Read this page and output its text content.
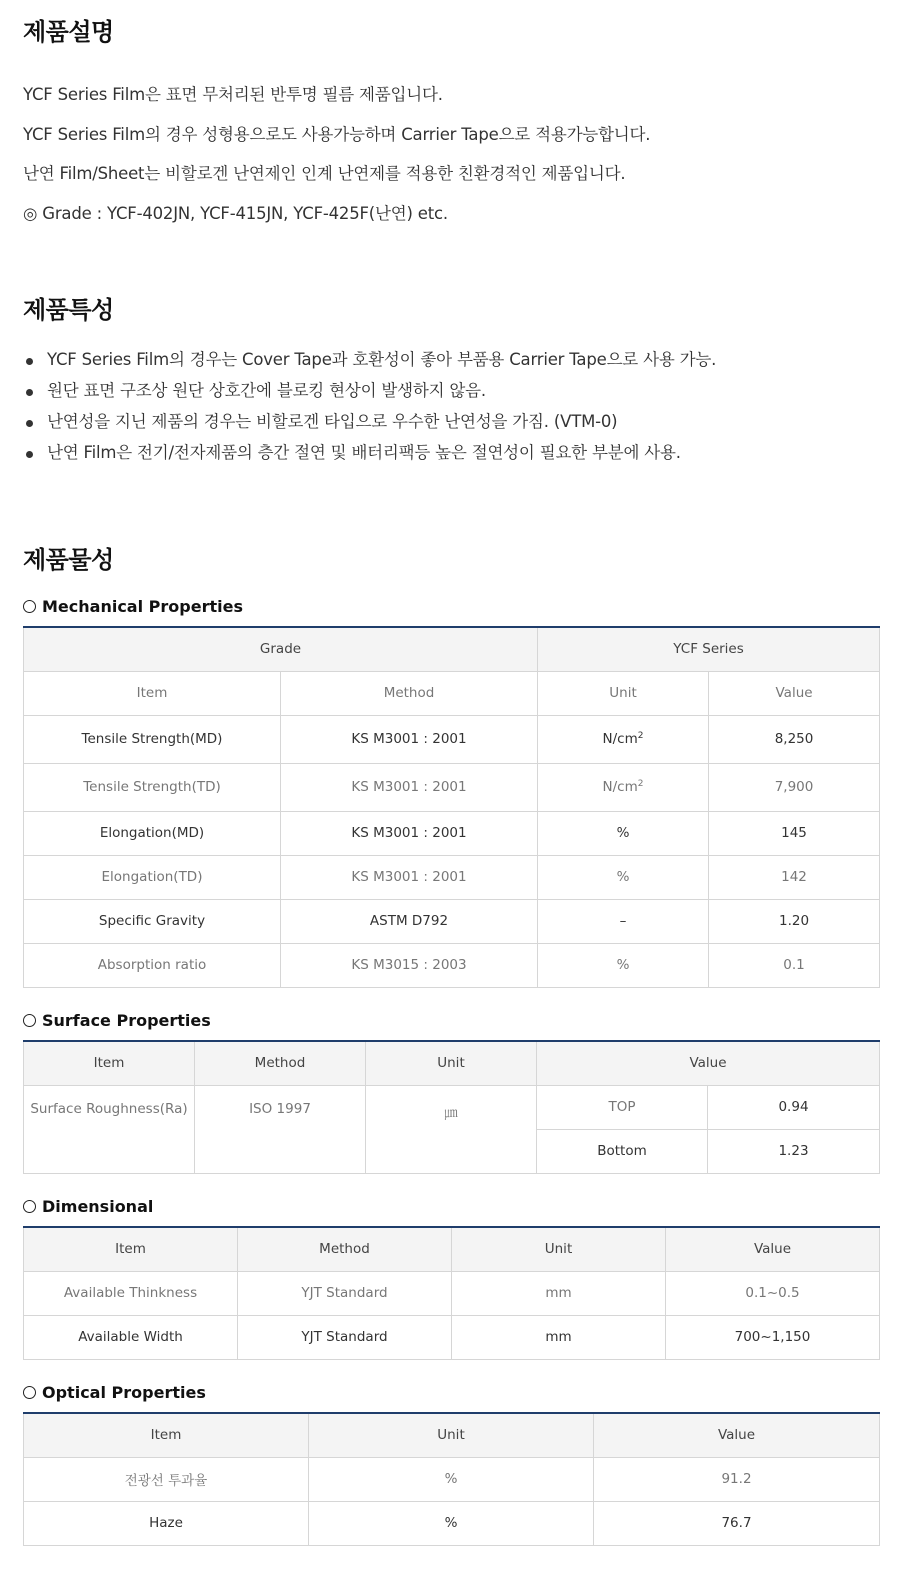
제품설명

YCF Series Film은 표면 무처리된 반투명 필름 제품입니다.

YCF Series Film의 경우 성형용으로도 사용가능하며 Carrier Tape으로 적용가능합니다.

난연 Film/Sheet는 비할로겐 난연제인 인계 난연제를 적용한 친환경적인 제품입니다.

◎ Grade : YCF-402JN, YCF-415JN, YCF-425F(난연) etc.

제품특성
YCF Series Film의 경우는 Cover Tape과 호환성이 좋아 부품용 Carrier Tape으로 사용 가능.
원단 표면 구조상 원단 상호간에 블로킹 현상이 발생하지 않음.
난연성을 지닌 제품의 경우는 비할로겐 타입으로 우수한 난연성을 가짐. (VTM-0)
난연 Film은 전기/전자제품의 층간 절연 및 배터리팩등 높은 절연성이 필요한 부분에 사용.
제품물성
Mechanical Properties
Grade		YCF Series	
Item	Method	Unit	Value
Tensile Strength(MD)	KS M3001 : 2001	$N/cm^2$	8,250
Tensile Strength(TD)	KS M3001 : 2001	$N/cm^2$	7,900
Elongation(MD)	KS M3001 : 2001	%	145
Elongation(TD)	KS M3001 : 2001	%	142
Specific Gravity	ASTM D792	–	1.20
Absorption ratio	KS M3015 : 2003	%	0.1
Surface Properties
Item	Method	Unit	Value	
Surface Roughness(Ra)	ISO 1997	㎛	TOP	0.94
			Bottom	1.23
Dimensional
Item	Method	Unit	Value
Available Thinkness	YJT Standard	mm	0.1~0.5
Available Width	YJT Standard	mm	700~1,150
Optical Properties
Item	Unit	Value
전광선 투과율	%	91.2
Haze	%	76.7
